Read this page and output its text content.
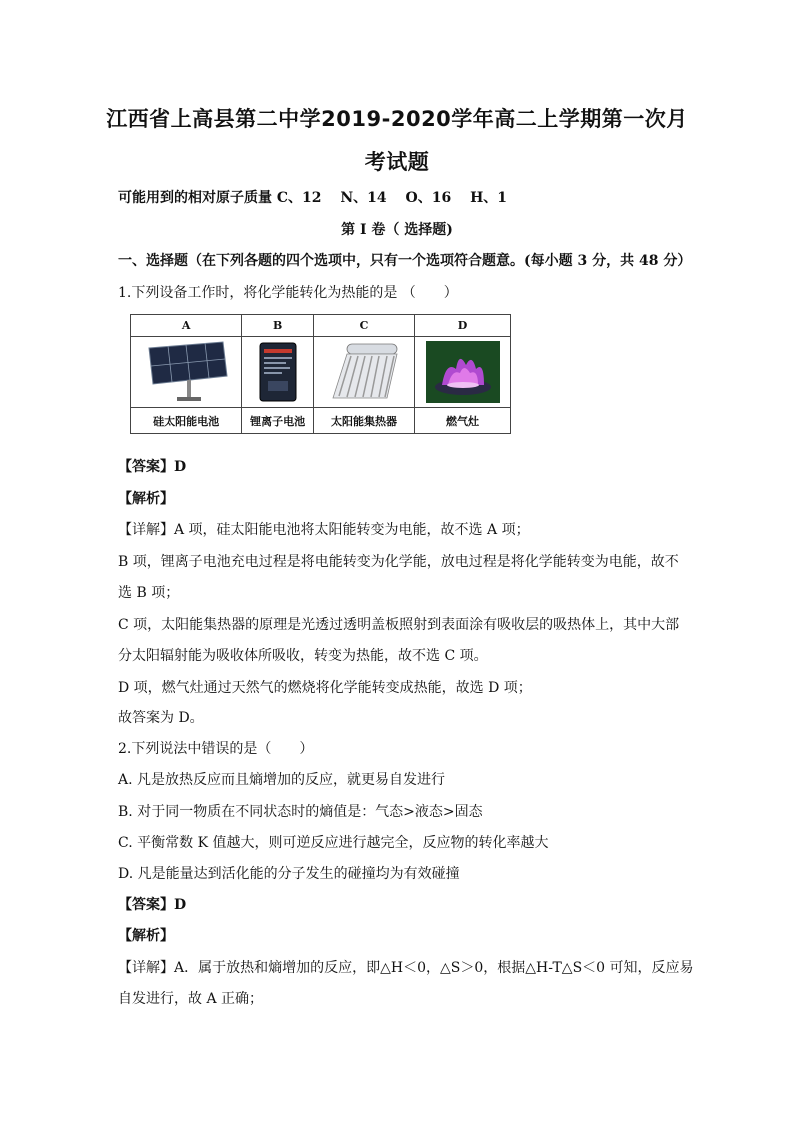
江西省上高县第二中学2019-2020学年高二上学期第一次月
考试题
可能用到的相对原子质量 C、12　 N、14　 O、16　 H、1
第 I 卷（ 选择题)
一、选择题（在下列各题的四个选项中，只有一个选项符合题意。(每小题 3 分，共 48 分）
1.下列设备工作时，将化学能转化为热能的是 （　　）
A	B	C	D

硅太阳能电池	锂离子电池	太阳能集热器	燃气灶
【答案】D
【解析】
【详解】A 项，硅太阳能电池将太阳能转变为电能，故不选 A 项；
B 项，锂离子电池充电过程是将电能转变为化学能，放电过程是将化学能转变为电能，故不
选 B 项；
C 项，太阳能集热器的原理是光透过透明盖板照射到表面涂有吸收层的吸热体上，其中大部
分太阳辐射能为吸收体所吸收，转变为热能，故不选 C 项。
D 项，燃气灶通过天然气的燃烧将化学能转变成热能，故选 D 项；
故答案为 D。
2.下列说法中错误的是（　　）
A. 凡是放热反应而且熵增加的反应，就更易自发进行
B. 对于同一物质在不同状态时的熵值是：气态>液态>固态
C. 平衡常数 K 值越大，则可逆反应进行越完全，反应物的转化率越大
D. 凡是能量达到活化能的分子发生的碰撞均为有效碰撞
【答案】D
【解析】
【详解】A．属于放热和熵增加的反应，即△H＜0，△S＞0，根据△H-T△S＜0 可知，反应易
自发进行，故 A 正确；
